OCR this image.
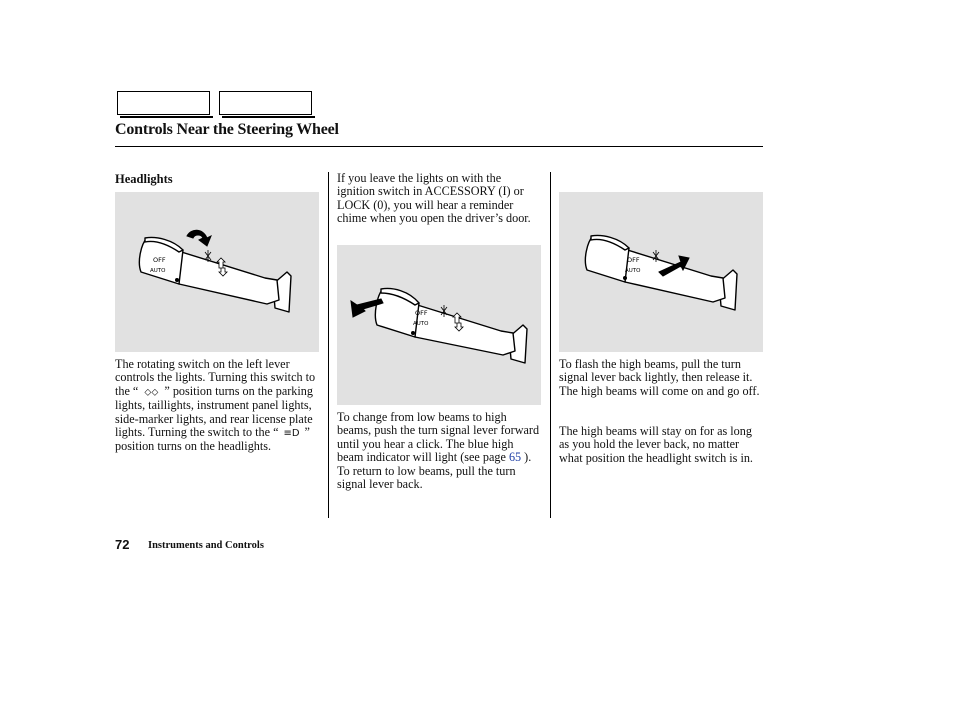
Controls Near the Steering Wheel
Headlights
OFF
AUTO
The rotating switch on the left lever controls the lights. Turning this switch to the “ ⬦⬦ ” position turns on the parking lights, taillights, instrument panel lights, side-marker lights, and rear license plate lights. Turning the switch to the “ ≡D ” position turns on the headlights.
If you leave the lights on with the ignition switch in ACCESSORY (I) or LOCK (0), you will hear a reminder chime when you open the driver’s door.
OFF
AUTO
To change from low beams to high beams, push the turn signal lever forward until you hear a click. The blue high beam indicator will light (see page 65 ). To return to low beams, pull the turn signal lever back.
OFF
AUTO
To flash the high beams, pull the turn signal lever back lightly, then release it. The high beams will come on and go off.
The high beams will stay on for as long as you hold the lever back, no matter what position the headlight switch is in.
72 Instruments and Controls
